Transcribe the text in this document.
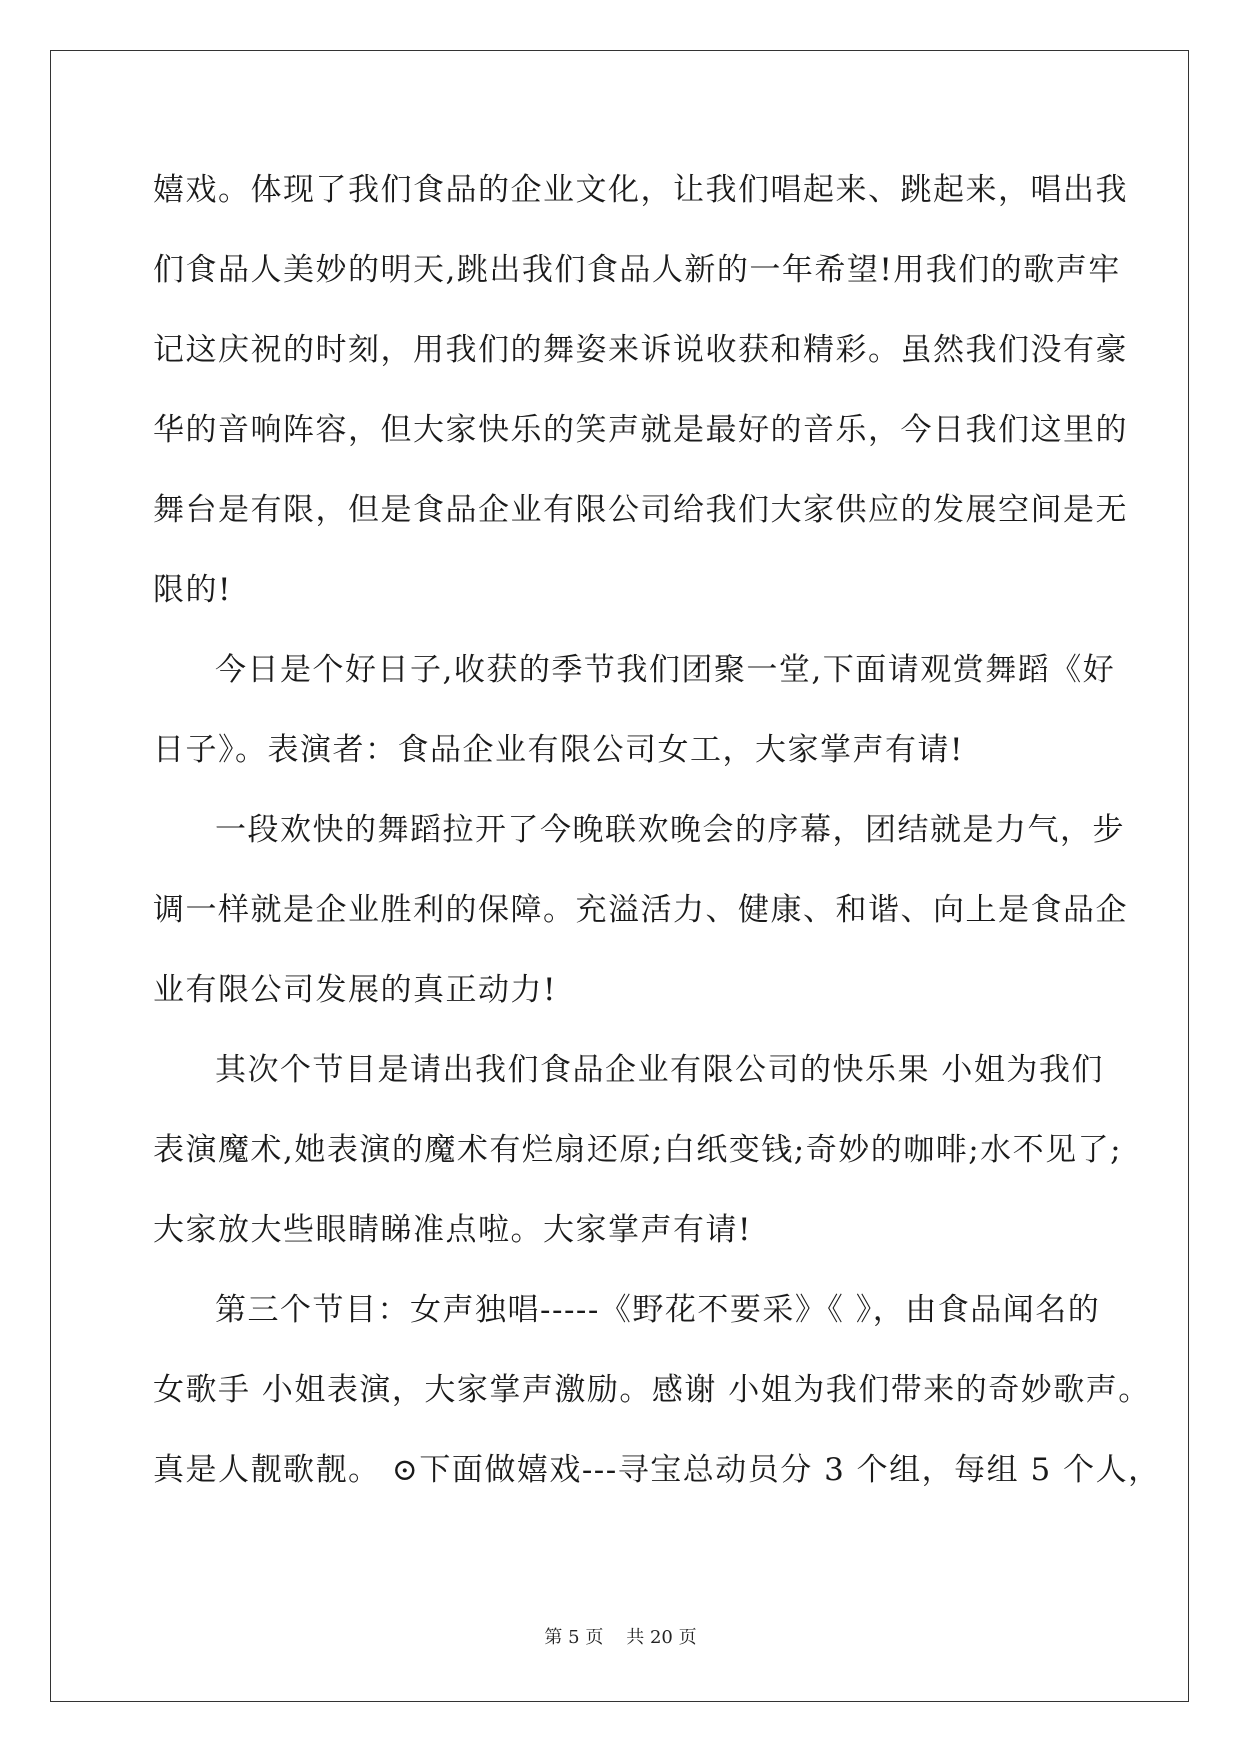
嬉戏。体现了我们食品的企业文化，让我们唱起来、跳起来，唱出我
们食品人美妙的明天,跳出我们食品人新的一年希望!用我们的歌声牢
记这庆祝的时刻，用我们的舞姿来诉说收获和精彩。虽然我们没有豪
华的音响阵容，但大家快乐的笑声就是最好的音乐，今日我们这里的
舞台是有限，但是食品企业有限公司给我们大家供应的发展空间是无
限的!
今日是个好日子,收获的季节我们团聚一堂,下面请观赏舞蹈《好
日子》。表演者：食品企业有限公司女工，大家掌声有请!
一段欢快的舞蹈拉开了今晚联欢晚会的序幕，团结就是力气，步
调一样就是企业胜利的保障。充溢活力、健康、和谐、向上是食品企
业有限公司发展的真正动力!
其次个节目是请出我们食品企业有限公司的快乐果 小姐为我们
表演魔术,她表演的魔术有烂扇还原;白纸变钱;奇妙的咖啡;水不见了;
大家放大些眼睛睇准点啦。大家掌声有请!
第三个节目：女声独唱-----《野花不要采》《 》，由食品闻名的
女歌手 小姐表演，大家掌声激励。感谢 小姐为我们带来的奇妙歌声。
真是人靓歌靓。 ⊙下面做嬉戏---寻宝总动员分 3 个组，每组 5 个人，
第 5 页 共 20 页
